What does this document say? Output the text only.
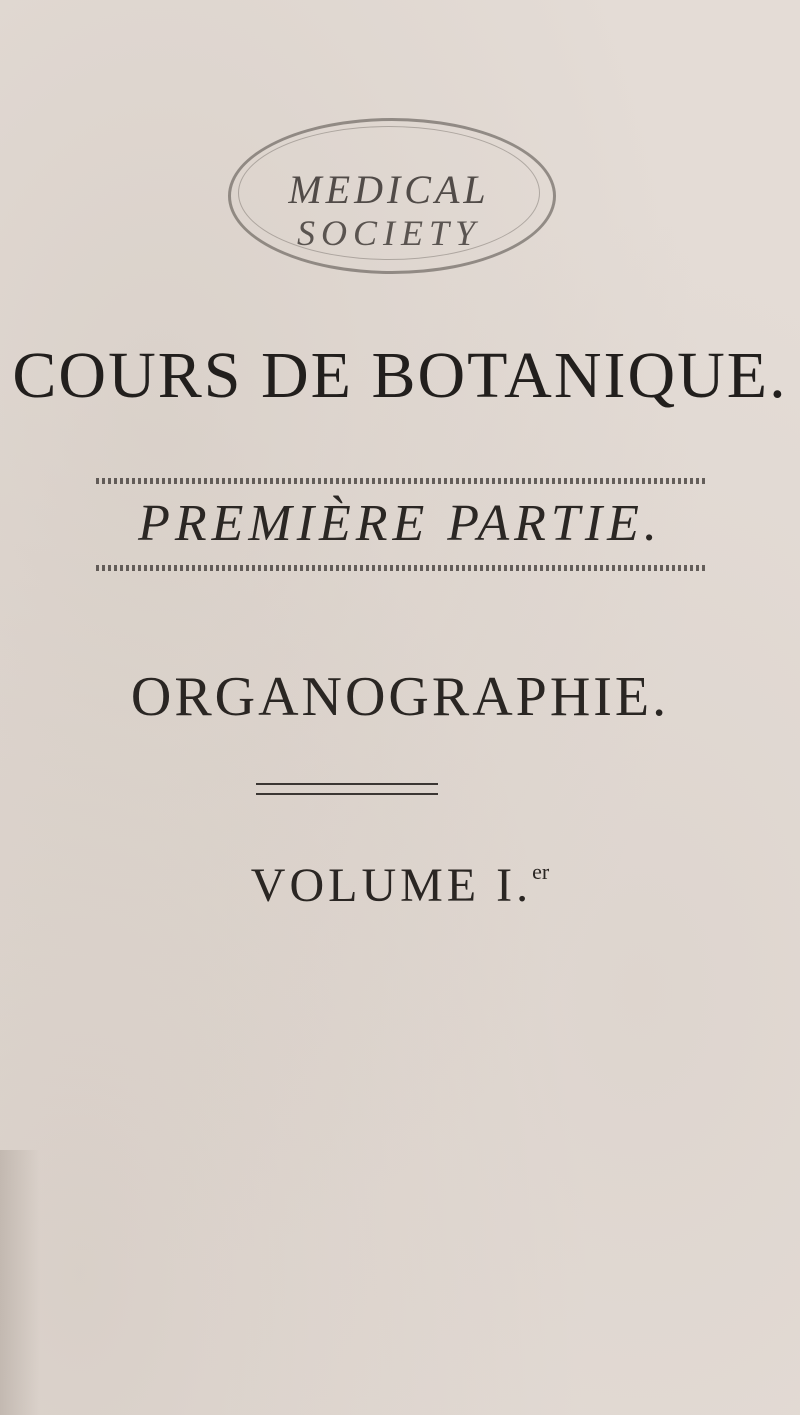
MEDICAL
SOCIETY
COURS DE BOTANIQUE.
PREMIÈRE PARTIE.
ORGANOGRAPHIE.
VOLUME I.$^{er}$
